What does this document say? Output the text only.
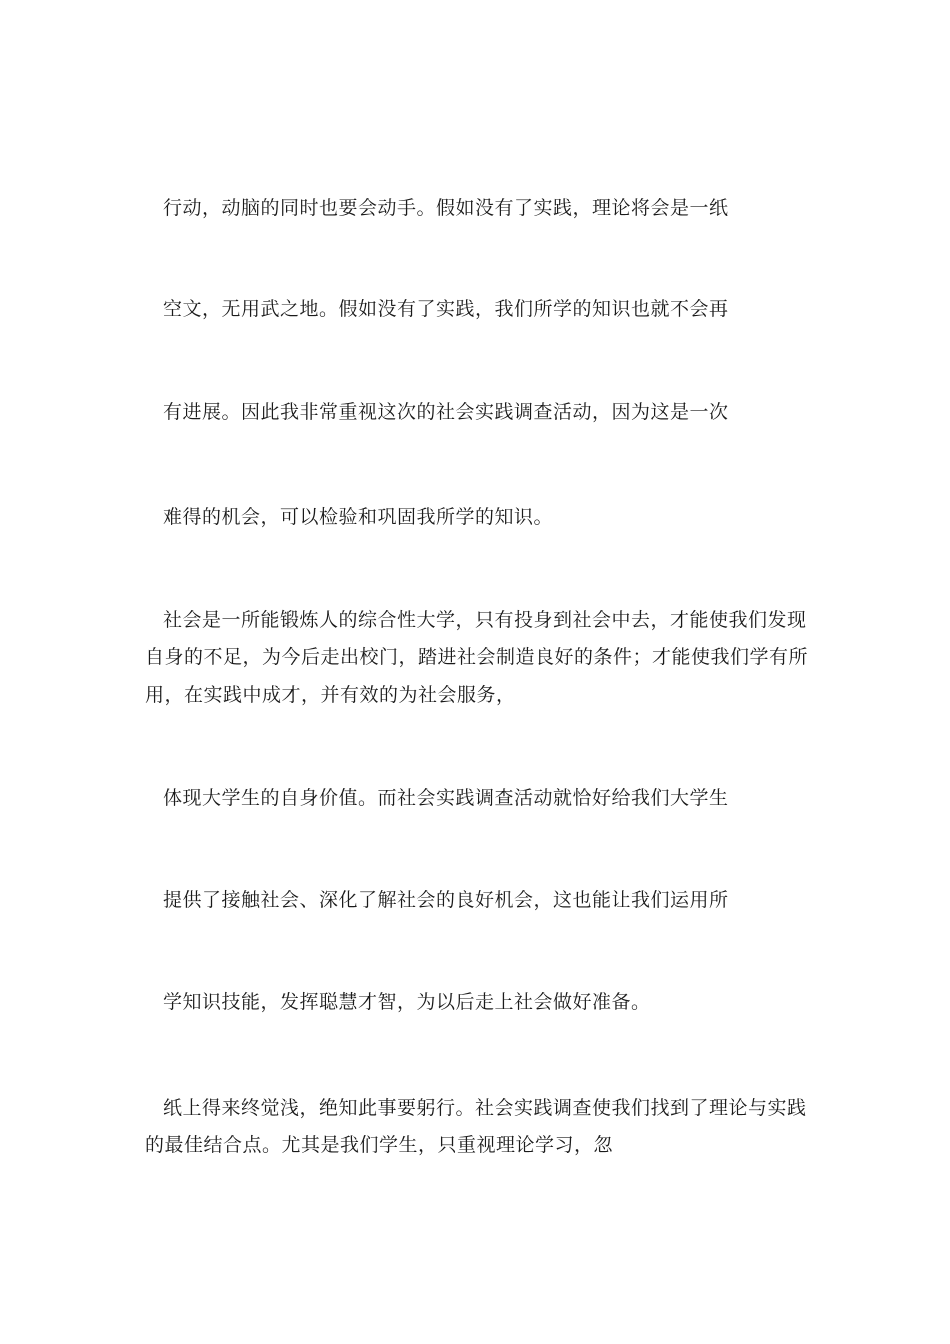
行动，动脑的同时也要会动手。假如没有了实践，理论将会是一纸
空文，无用武之地。假如没有了实践，我们所学的知识也就不会再
有进展。因此我非常重视这次的社会实践调查活动，因为这是一次
难得的机会，可以检验和巩固我所学的知识。
社会是一所能锻炼人的综合性大学，只有投身到社会中去，才能使我们发现
自身的不足，为今后走出校门，踏进社会制造良好的条件；才能使我们学有所
用，在实践中成才，并有效的为社会服务，
体现大学生的自身价值。而社会实践调查活动就恰好给我们大学生
提供了接触社会、深化了解社会的良好机会，这也能让我们运用所
学知识技能，发挥聪慧才智，为以后走上社会做好准备。
纸上得来终觉浅，绝知此事要躬行。社会实践调查使我们找到了理论与实践
的最佳结合点。尤其是我们学生，只重视理论学习，忽
